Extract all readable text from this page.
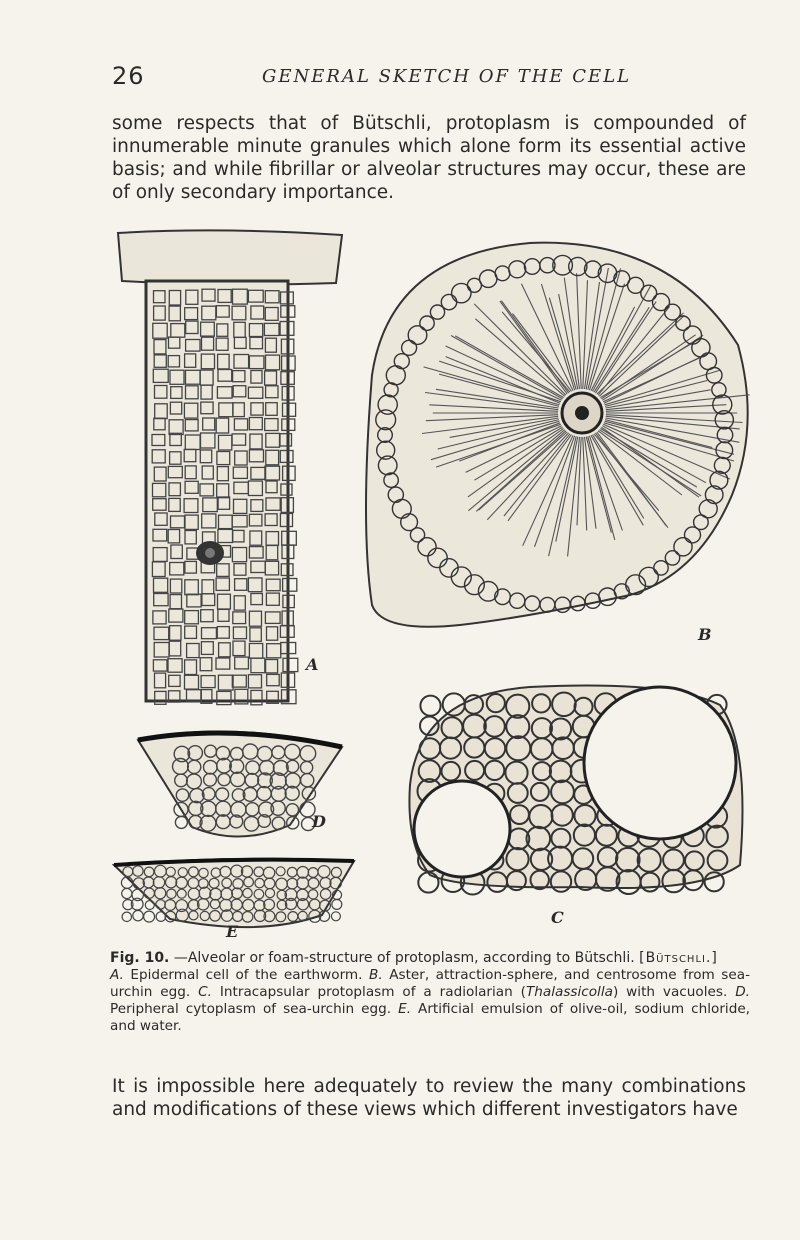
26	GENERAL SKETCH OF THE CELL

some respects that of Bütschli, protoplasm is compounded of innumerable minute granules which alone form its essential active basis; and while fibrillar or alveolar structures may occur, these are of only secondary importance.

A
B
C
D
E
Fig. 10. —Alveolar or foam-structure of protoplasm, according to Bütschli. [Bütschli.]
A. Epidermal cell of the earthworm. B. Aster, attraction-sphere, and centrosome from sea-urchin egg. C. Intracapsular protoplasm of a radiolarian (Thalassicolla) with vacuoles. D. Peripheral cytoplasm of sea-urchin egg. E. Artificial emulsion of olive-oil, sodium chloride, and water.

It is impossible here adequately to review the many combinations and modifications of these views which different investigators have
